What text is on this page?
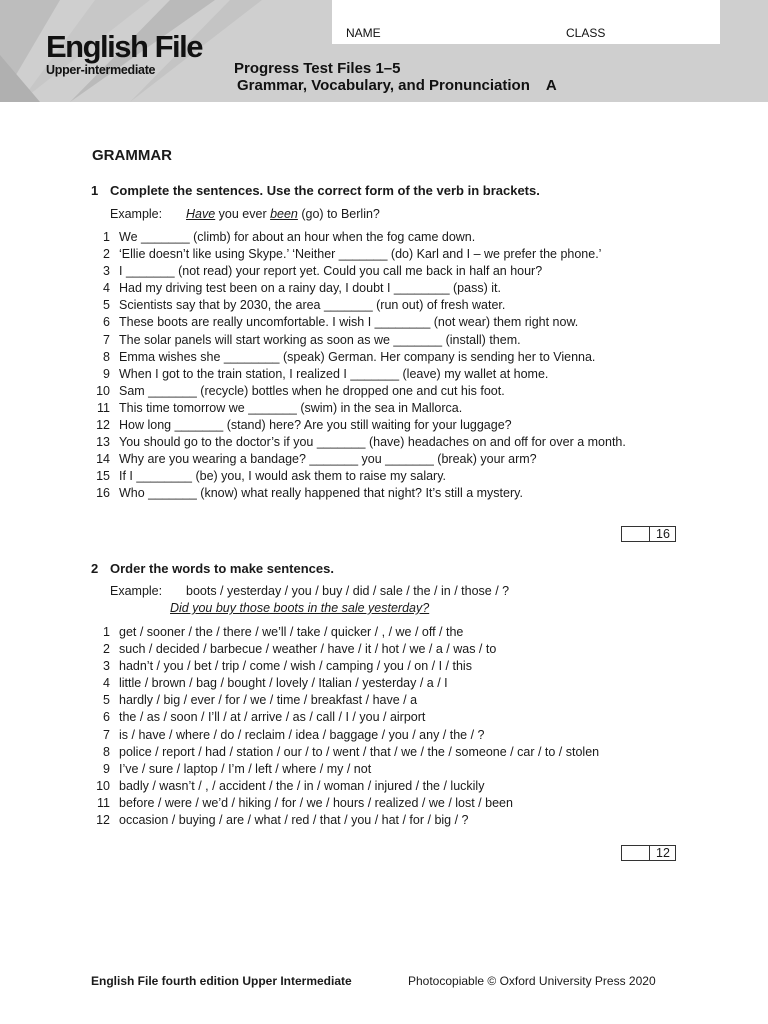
English File
Upper-intermediate
NAME	CLASS
Progress Test Files 1–5
Grammar, Vocabulary, and Pronunciation A
GRAMMAR
1 Complete the sentences. Use the correct form of the verb in brackets.
Example: Have you ever been (go) to Berlin?
1 We _______ (climb) for about an hour when the fog came down.
2 ‘Ellie doesn’t like using Skype.’ ‘Neither _______ (do) Karl and I – we prefer the phone.’
3 I _______ (not read) your report yet. Could you call me back in half an hour?
4 Had my driving test been on a rainy day, I doubt I ________ (pass) it.
5 Scientists say that by 2030, the area _______ (run out) of fresh water.
6 These boots are really uncomfortable. I wish I ________ (not wear) them right now.
7 The solar panels will start working as soon as we _______ (install) them.
8 Emma wishes she ________ (speak) German. Her company is sending her to Vienna.
9 When I got to the train station, I realized I _______ (leave) my wallet at home.
10 Sam _______ (recycle) bottles when he dropped one and cut his foot.
11 This time tomorrow we _______ (swim) in the sea in Mallorca.
12 How long _______ (stand) here? Are you still waiting for your luggage?
13 You should go to the doctor’s if you _______ (have) headaches on and off for over a month.
14 Why are you wearing a bandage? _______ you _______ (break) your arm?
15 If I ________ (be) you, I would ask them to raise my salary.
16 Who _______ (know) what really happened that night? It’s still a mystery.
16
2 Order the words to make sentences.
Example: boots / yesterday / you / buy / did / sale / the / in / those / ?
Did you buy those boots in the sale yesterday?
1 get / sooner / the / there / we’ll / take / quicker / , / we / off / the
2 such / decided / barbecue / weather / have / it / hot / we / a / was / to
3 hadn’t / you / bet / trip / come / wish / camping / you / on / I / this
4 little / brown / bag / bought / lovely / Italian / yesterday / a / I
5 hardly / big / ever / for / we / time / breakfast / have / a
6 the / as / soon / I’ll / at / arrive / as / call / I / you / airport
7 is / have / where / do / reclaim / idea / baggage / you / any / the / ?
8 police / report / had / station / our / to / went / that / we / the / someone / car / to / stolen
9 I’ve / sure / laptop / I’m / left / where / my / not
10 badly / wasn’t / , / accident / the / in / woman / injured / the / luckily
11 before / were / we’d / hiking / for / we / hours / realized / we / lost / been
12 occasion / buying / are / what / red / that / you / hat / for / big / ?
12
English File fourth edition Upper Intermediate	Photocopiable © Oxford University Press 2020
